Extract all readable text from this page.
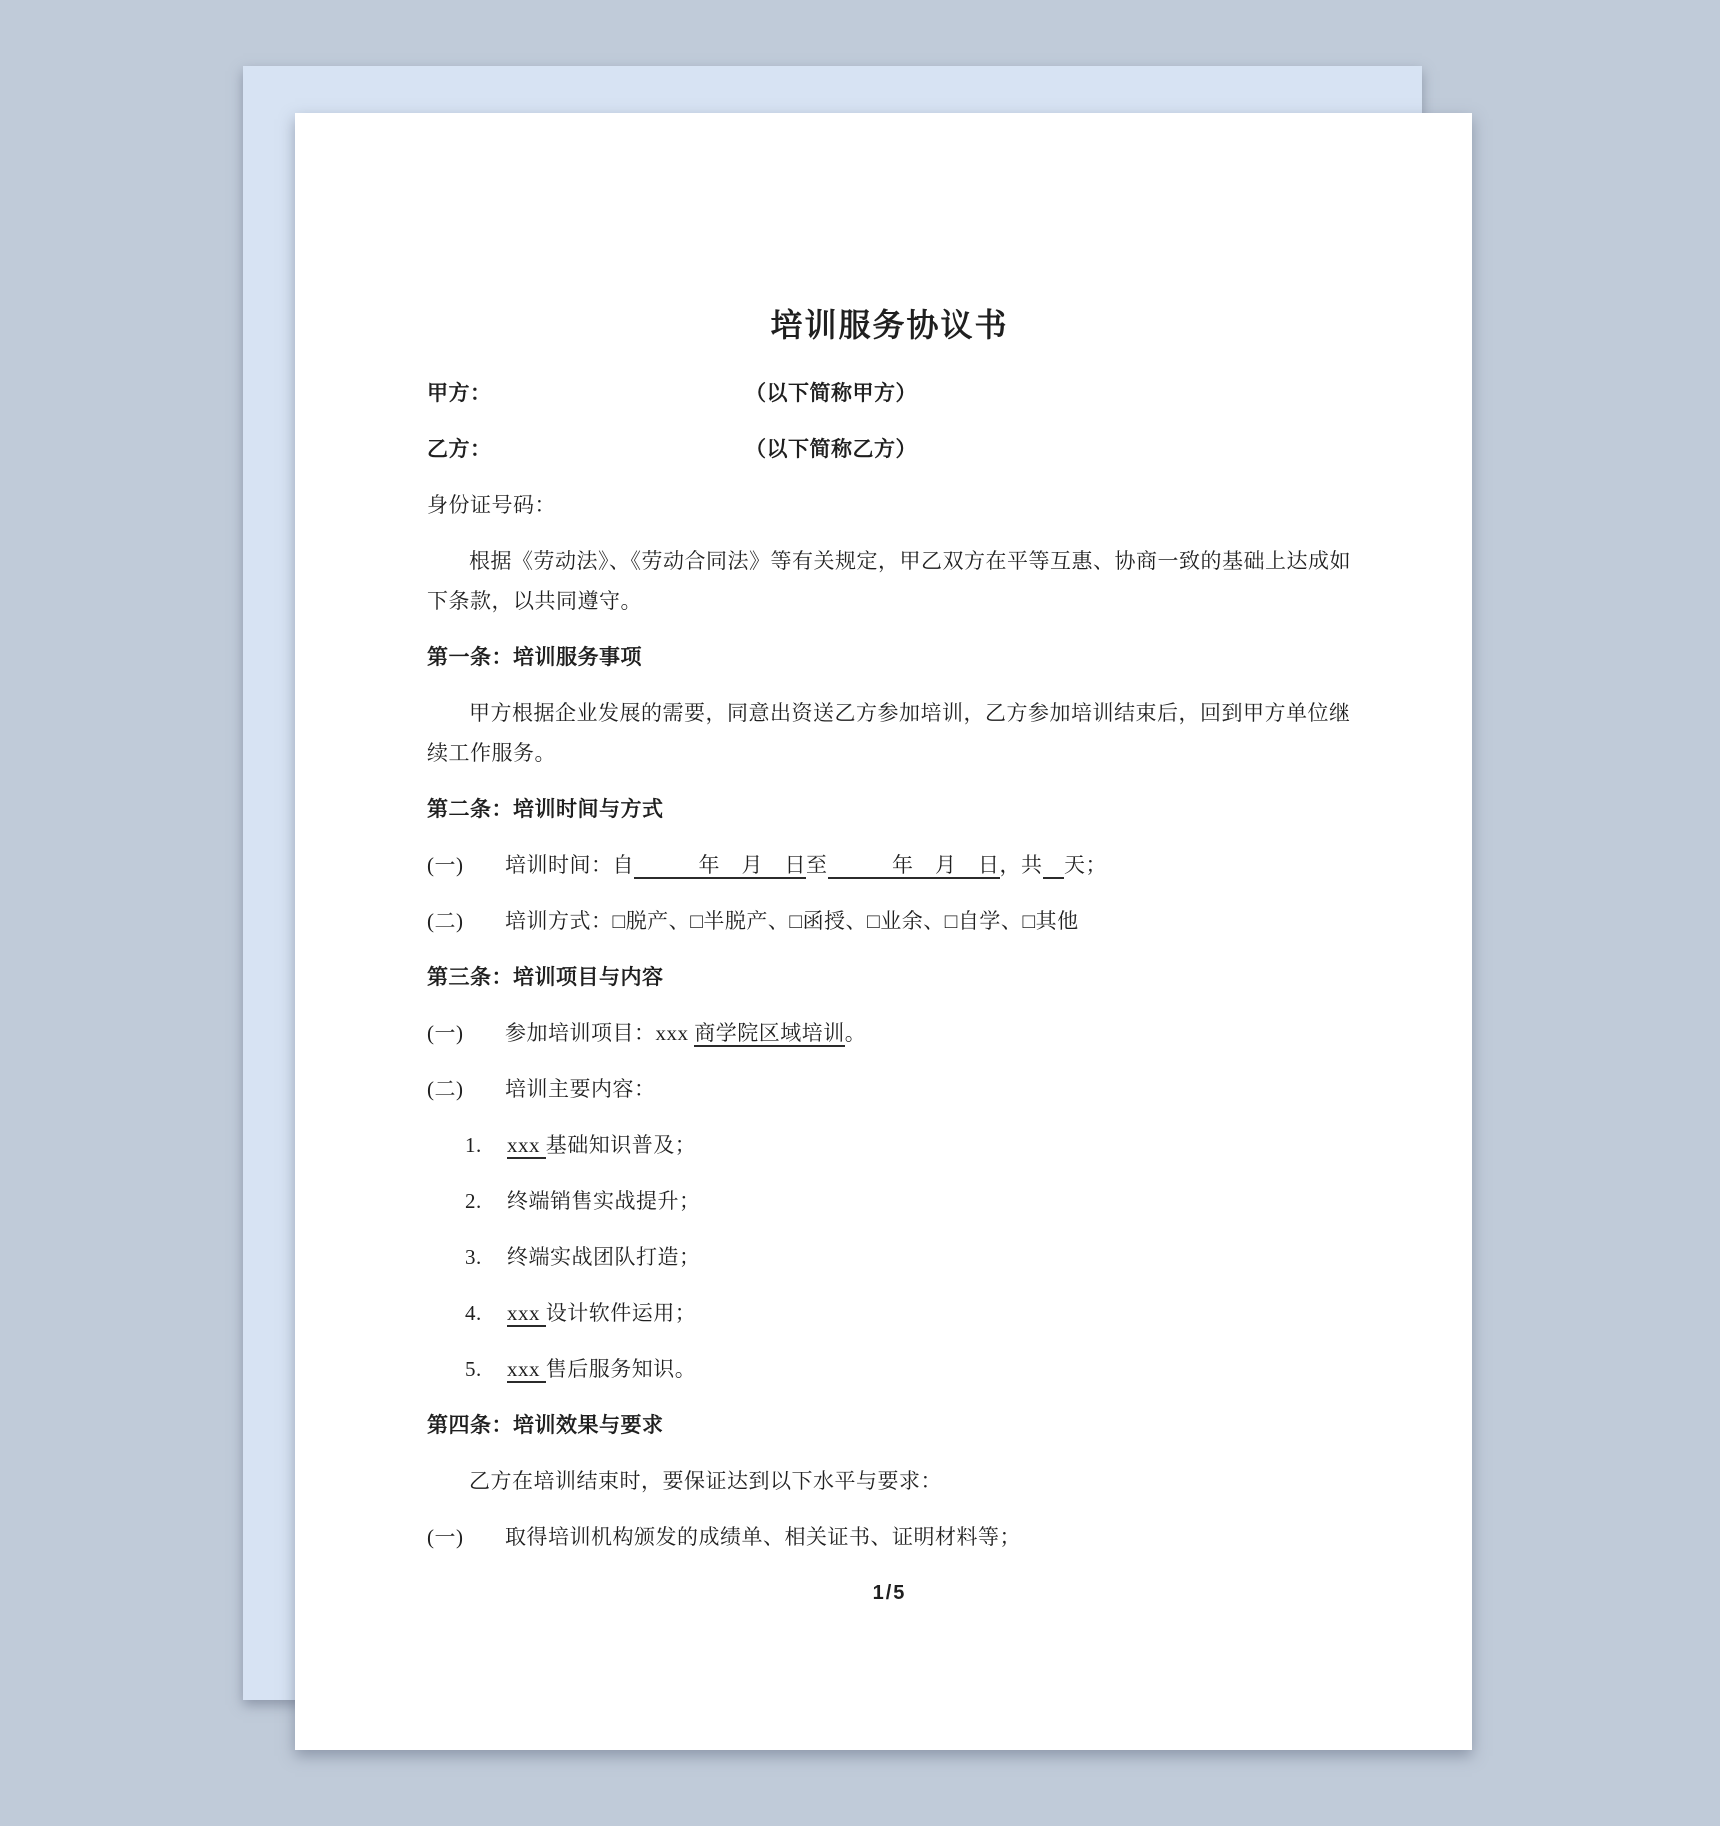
培训服务协议书
甲方：	（以下简称甲方）
乙方：	（以下简称乙方）
身份证号码：

根据《劳动法》、《劳动合同法》等有关规定，甲乙双方在平等互惠、协商一致的基础上达成如下条款，以共同遵守。

第一条：培训服务事项

甲方根据企业发展的需要，同意出资送乙方参加培训，乙方参加培训结束后，回到甲方单位继续工作服务。

第二条：培训时间与方式
(一) 培训时间：自　　　年　月　日至　　　年　月　日，共　 天；
(二) 培训方式：□脱产、□半脱产、□函授、□业余、□自学、□其他
第三条：培训项目与内容
(一) 参加培训项目：xxx 商学院区域培训。
(二) 培训主要内容：
1. xxx 基础知识普及；
2. 终端销售实战提升；
3. 终端实战团队打造；
4. xxx 设计软件运用；
5. xxx 售后服务知识。
第四条：培训效果与要求

乙方在培训结束时，要保证达到以下水平与要求：

(一) 取得培训机构颁发的成绩单、相关证书、证明材料等；
1/5
